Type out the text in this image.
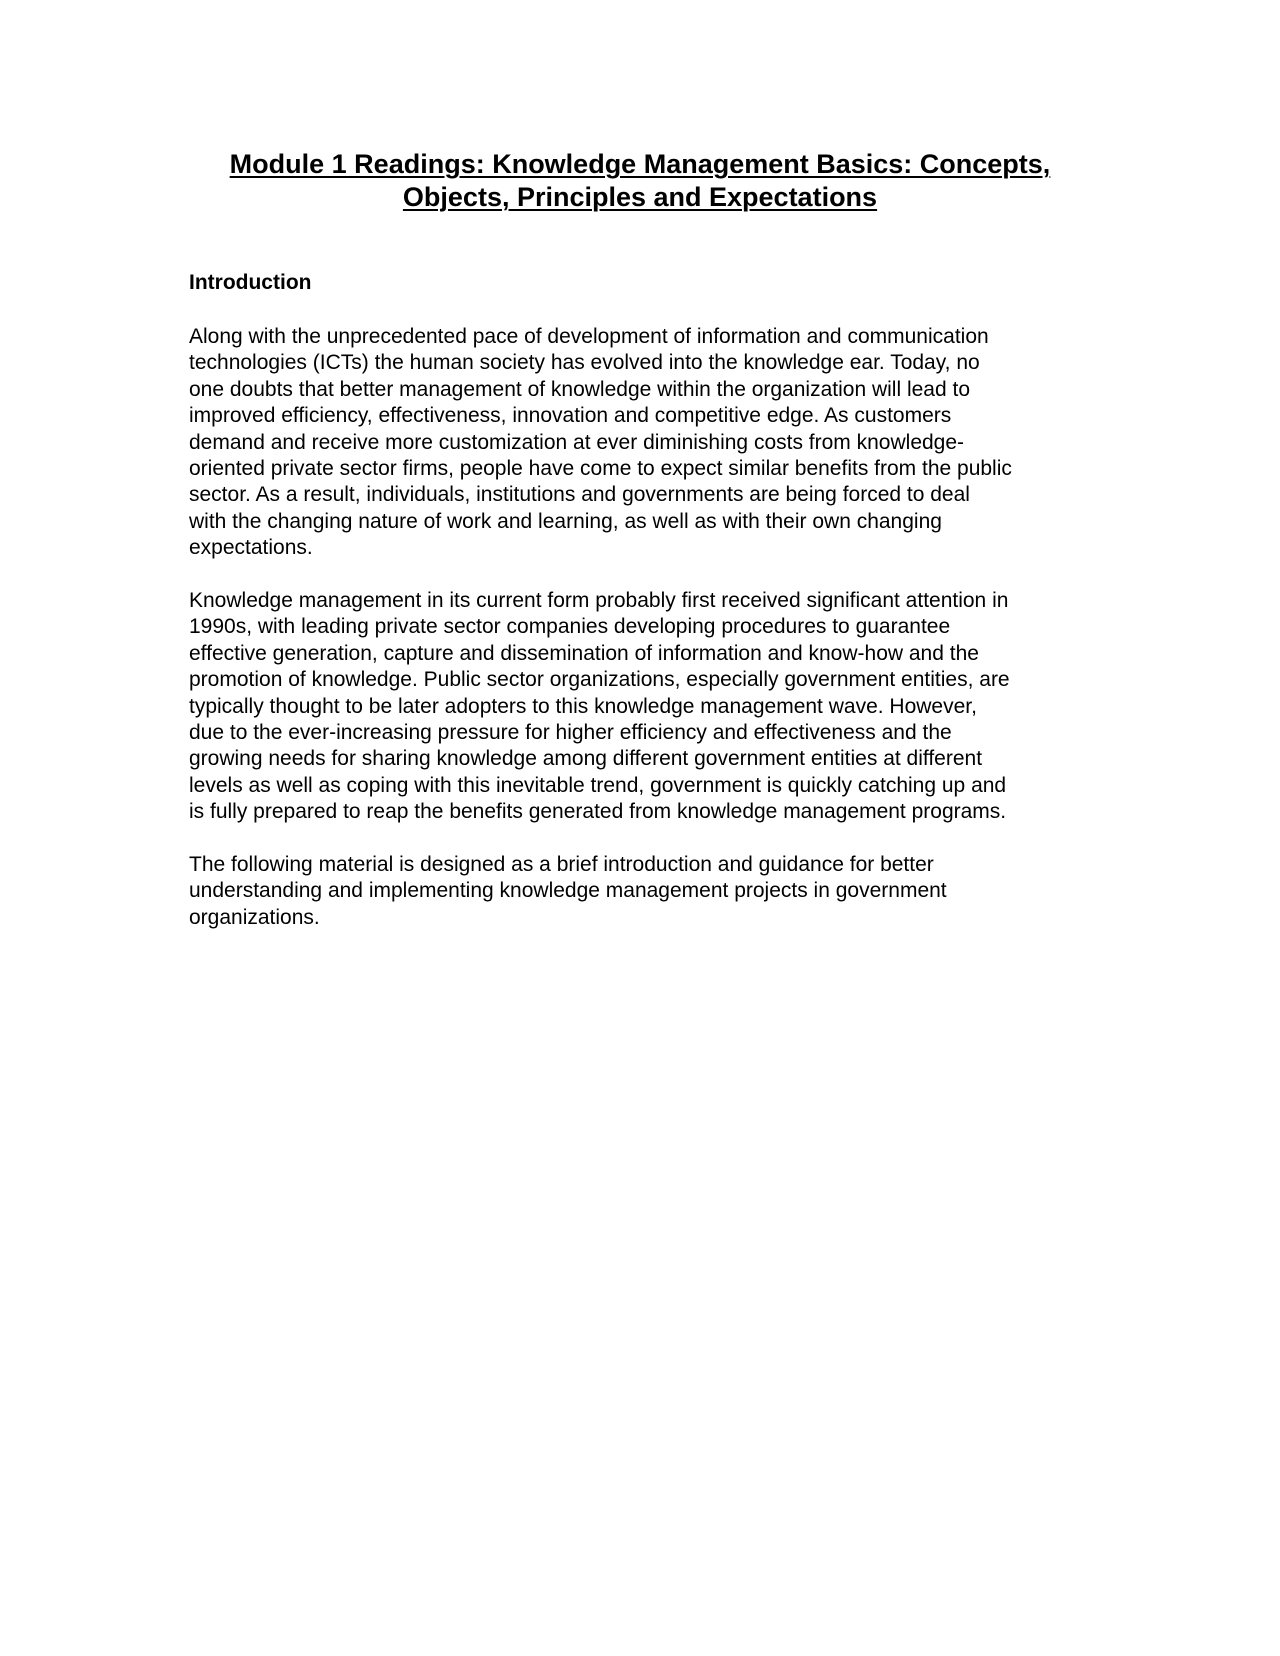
Module 1 Readings: Knowledge Management Basics: Concepts,
Objects, Principles and Expectations
Introduction

Along with the unprecedented pace of development of information and communication
technologies (ICTs) the human society has evolved into the knowledge ear. Today, no
one doubts that better management of knowledge within the organization will lead to
improved efficiency, effectiveness, innovation and competitive edge. As customers
demand and receive more customization at ever diminishing costs from knowledge-
oriented private sector firms, people have come to expect similar benefits from the public
sector. As a result, individuals, institutions and governments are being forced to deal
with the changing nature of work and learning, as well as with their own changing
expectations.

Knowledge management in its current form probably first received significant attention in
1990s, with leading private sector companies developing procedures to guarantee
effective generation, capture and dissemination of information and know-how and the
promotion of knowledge. Public sector organizations, especially government entities, are
typically thought to be later adopters to this knowledge management wave. However,
due to the ever-increasing pressure for higher efficiency and effectiveness and the
growing needs for sharing knowledge among different government entities at different
levels as well as coping with this inevitable trend, government is quickly catching up and
is fully prepared to reap the benefits generated from knowledge management programs.

The following material is designed as a brief introduction and guidance for better
understanding and implementing knowledge management projects in government
organizations.
